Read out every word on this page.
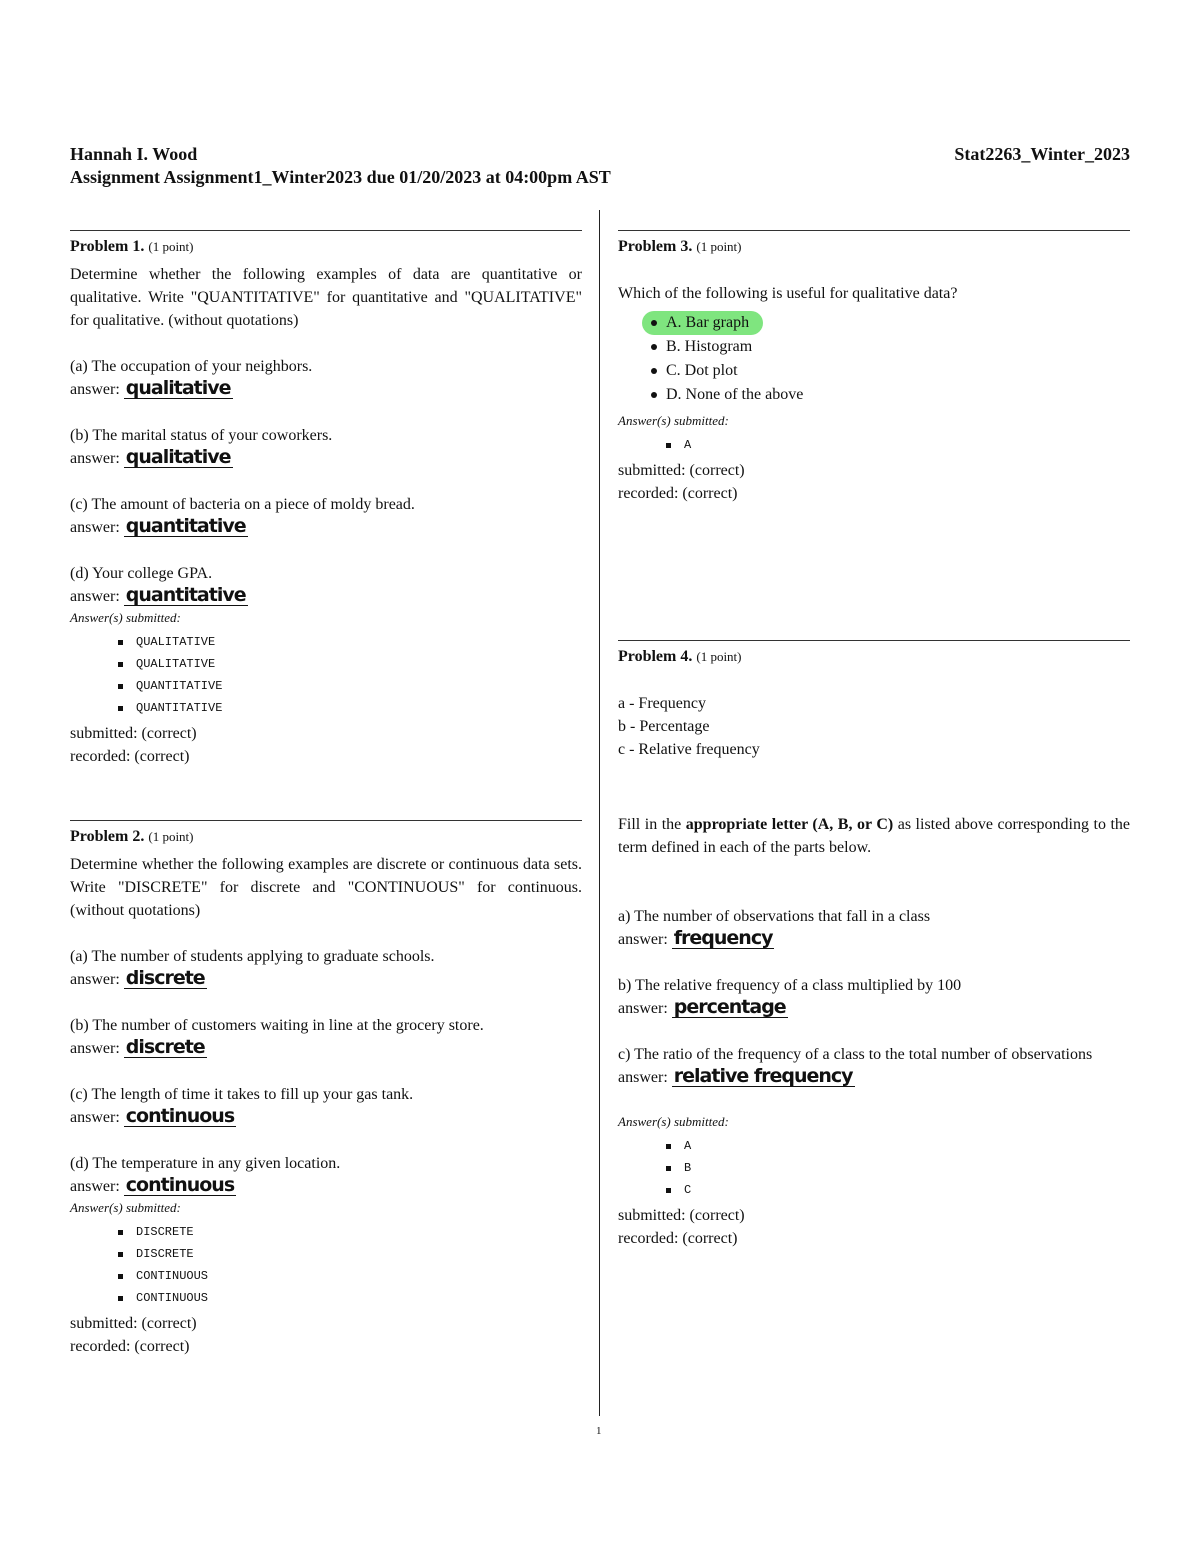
Hannah I. Wood	Stat2263_Winter_2023
Assignment Assignment1_Winter2023 due 01/20/2023 at 04:00pm AST
Problem 1. (1 point)
Determine whether the following examples of data are quantitative or qualitative. Write "QUANTITATIVE" for quantitative and "QUALITATIVE" for qualitative. (without quotations)
(a) The occupation of your neighbors.
answer: qualitative
(b) The marital status of your coworkers.
answer: qualitative
(c) The amount of bacteria on a piece of moldy bread.
answer: quantitative
(d) Your college GPA.
answer: quantitative
Answer(s) submitted:
QUALITATIVE
QUALITATIVE
QUANTITATIVE
QUANTITATIVE
submitted: (correct)
recorded: (correct)
Problem 2. (1 point)
Determine whether the following examples are discrete or continuous data sets. Write "DISCRETE" for discrete and "CONTINUOUS" for continuous. (without quotations)
(a) The number of students applying to graduate schools.
answer: discrete
(b) The number of customers waiting in line at the grocery store.
answer: discrete
(c) The length of time it takes to fill up your gas tank.
answer: continuous
(d) The temperature in any given location.
answer: continuous
Answer(s) submitted:
DISCRETE
DISCRETE
CONTINUOUS
CONTINUOUS
submitted: (correct)
recorded: (correct)
Problem 3. (1 point)
Which of the following is useful for qualitative data?
A. Bar graph
B. Histogram
C. Dot plot
D. None of the above
Answer(s) submitted:
A
submitted: (correct)
recorded: (correct)
Problem 4. (1 point)
a - Frequency
b - Percentage
c - Relative frequency
Fill in the appropriate letter (A, B, or C) as listed above corresponding to the term defined in each of the parts below.
a) The number of observations that fall in a class
answer: frequency
b) The relative frequency of a class multiplied by 100
answer: percentage
c) The ratio of the frequency of a class to the total number of observations
answer: relative frequency
Answer(s) submitted:
A
B
C
submitted: (correct)
recorded: (correct)
1
